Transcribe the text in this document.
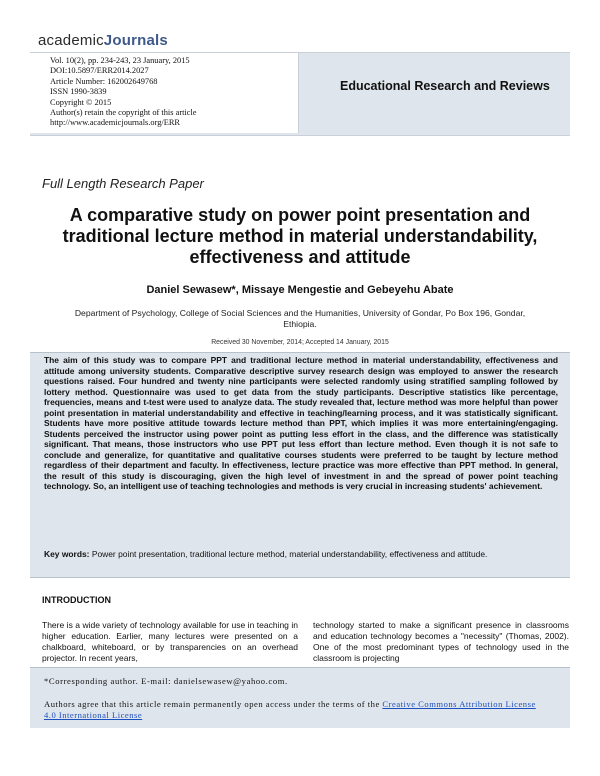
academicJournals
Vol. 10(2), pp. 234-243, 23 January, 2015
DOI:10.5897/ERR2014.2027
Article Number: 162002649768
ISSN 1990-3839
Copyright © 2015
Author(s) retain the copyright of this article
http://www.academicjournals.org/ERR
Educational Research and Reviews
Full Length Research Paper
A comparative study on power point presentation and traditional lecture method in material understandability, effectiveness and attitude
Daniel Sewasew*, Missaye Mengestie and Gebeyehu Abate
Department of Psychology, College of Social Sciences and the Humanities, University of Gondar, Po Box 196, Gondar, Ethiopia.
Received 30 November, 2014; Accepted 14 January, 2015
The aim of this study was to compare PPT and traditional lecture method in material understandability, effectiveness and attitude among university students. Comparative descriptive survey research design was employed to answer the research questions raised. Four hundred and twenty nine participants were selected randomly using stratified sampling followed by lottery method. Questionnaire was used to get data from the study participants. Descriptive statistics like percentage, frequencies, means and t-test were used to analyze data. The study revealed that, lecture method was more helpful than power point presentation in material understandability and effective in teaching/learning process, and it was statistically significant. Students have more positive attitude towards lecture method than PPT, which implies it was more entertaining/engaging. Students perceived the instructor using power point as putting less effort in the class, and the difference was statistically significant. That means, those instructors who use PPT put less effort than lecture method. Even though it is not safe to conclude and generalize, for quantitative and qualitative courses students were preferred to be taught by lecture method regardless of their department and faculty. In effectiveness, lecture practice was more effective than PPT method. In general, the result of this study is discouraging, given the high level of investment in and the spread of power point teaching technology. So, an intelligent use of teaching technologies and methods is very crucial in increasing students' achievement.
Key words: Power point presentation, traditional lecture method, material understandability, effectiveness and attitude.
INTRODUCTION
There is a wide variety of technology available for use in teaching in higher education. Earlier, many lectures were presented on a chalkboard, whiteboard, or by transparencies on an overhead projector. In recent years,
technology started to make a significant presence in classrooms and education technology becomes a "necessity" (Thomas, 2002). One of the most predominant types of technology used in the classroom is projecting
*Corresponding author. E-mail: danielsewasew@yahoo.com.
Authors agree that this article remain permanently open access under the terms of the Creative Commons Attribution License 4.0 International License
